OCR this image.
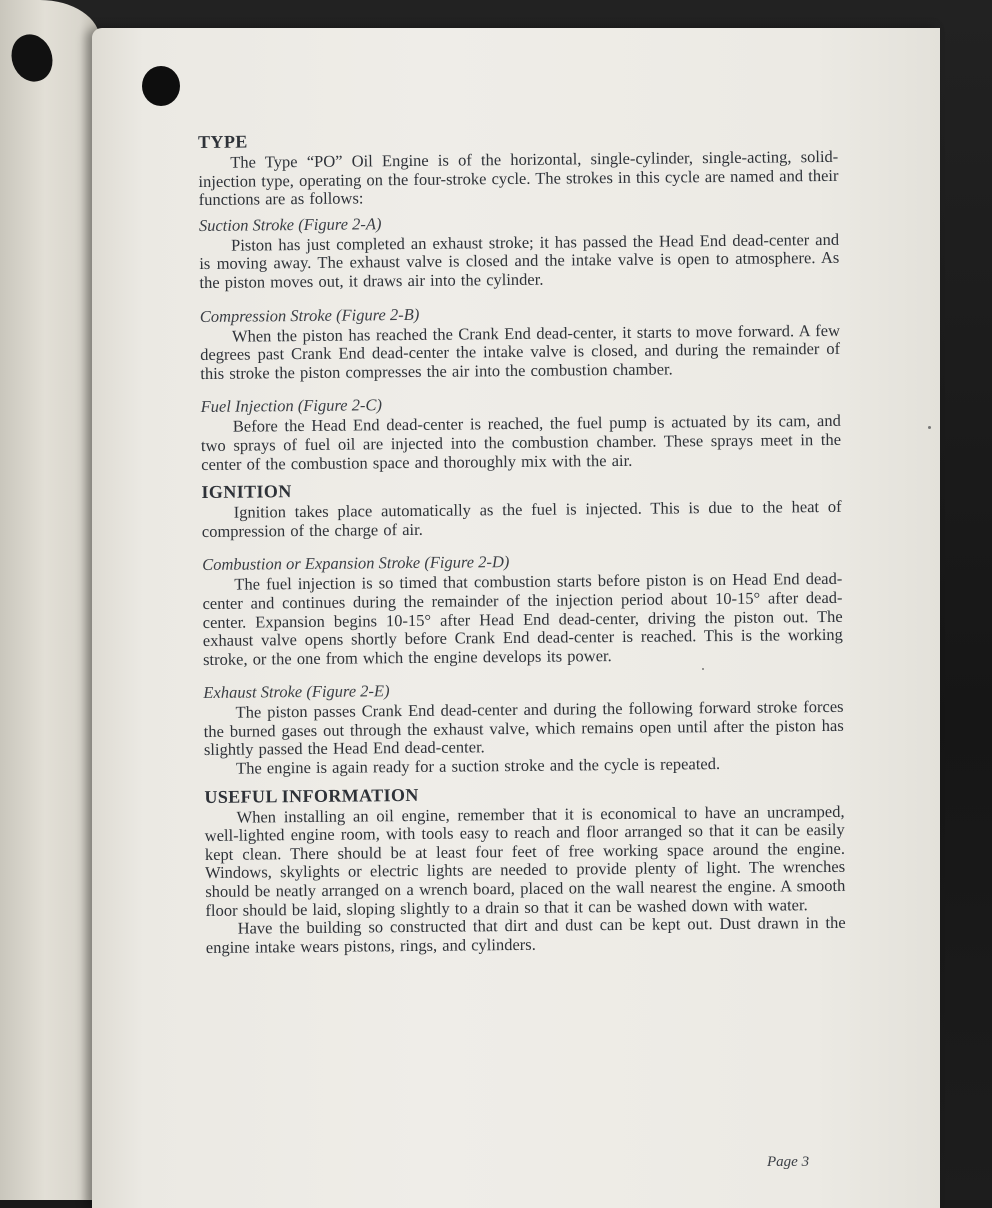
TYPE

The Type “PO” Oil Engine is of the horizontal, single-cylinder, single-acting, solid-injection type, operating on the four-stroke cycle. The strokes in this cycle are named and their functions are as follows:

Suction Stroke (Figure 2-A)

Piston has just completed an exhaust stroke; it has passed the Head End dead-center and is moving away. The exhaust valve is closed and the intake valve is open to atmosphere. As the piston moves out, it draws air into the cylinder.

Compression Stroke (Figure 2-B)

When the piston has reached the Crank End dead-center, it starts to move forward. A few degrees past Crank End dead-center the intake valve is closed, and during the remainder of this stroke the piston compresses the air into the combustion chamber.

Fuel Injection (Figure 2-C)

Before the Head End dead-center is reached, the fuel pump is actuated by its cam, and two sprays of fuel oil are injected into the combustion chamber. These sprays meet in the center of the combustion space and thoroughly mix with the air.

IGNITION

Ignition takes place automatically as the fuel is injected. This is due to the heat of compression of the charge of air.

Combustion or Expansion Stroke (Figure 2-D)

The fuel injection is so timed that combustion starts before piston is on Head End dead-center and continues during the remainder of the injection period about 10-15° after dead-center. Expansion begins 10-15° after Head End dead-center, driving the piston out. The exhaust valve opens shortly before Crank End dead-center is reached. This is the working stroke, or the one from which the engine develops its power.

Exhaust Stroke (Figure 2-E)

The piston passes Crank End dead-center and during the following forward stroke forces the burned gases out through the exhaust valve, which remains open until after the piston has slightly passed the Head End dead-center.

The engine is again ready for a suction stroke and the cycle is repeated.

USEFUL INFORMATION

When installing an oil engine, remember that it is economical to have an uncramped, well-lighted engine room, with tools easy to reach and floor arranged so that it can be easily kept clean. There should be at least four feet of free working space around the engine. Windows, skylights or electric lights are needed to provide plenty of light. The wrenches should be neatly arranged on a wrench board, placed on the wall nearest the engine. A smooth floor should be laid, sloping slightly to a drain so that it can be washed down with water.

Have the building so constructed that dirt and dust can be kept out. Dust drawn in the engine intake wears pistons, rings, and cylinders.

Page 3
